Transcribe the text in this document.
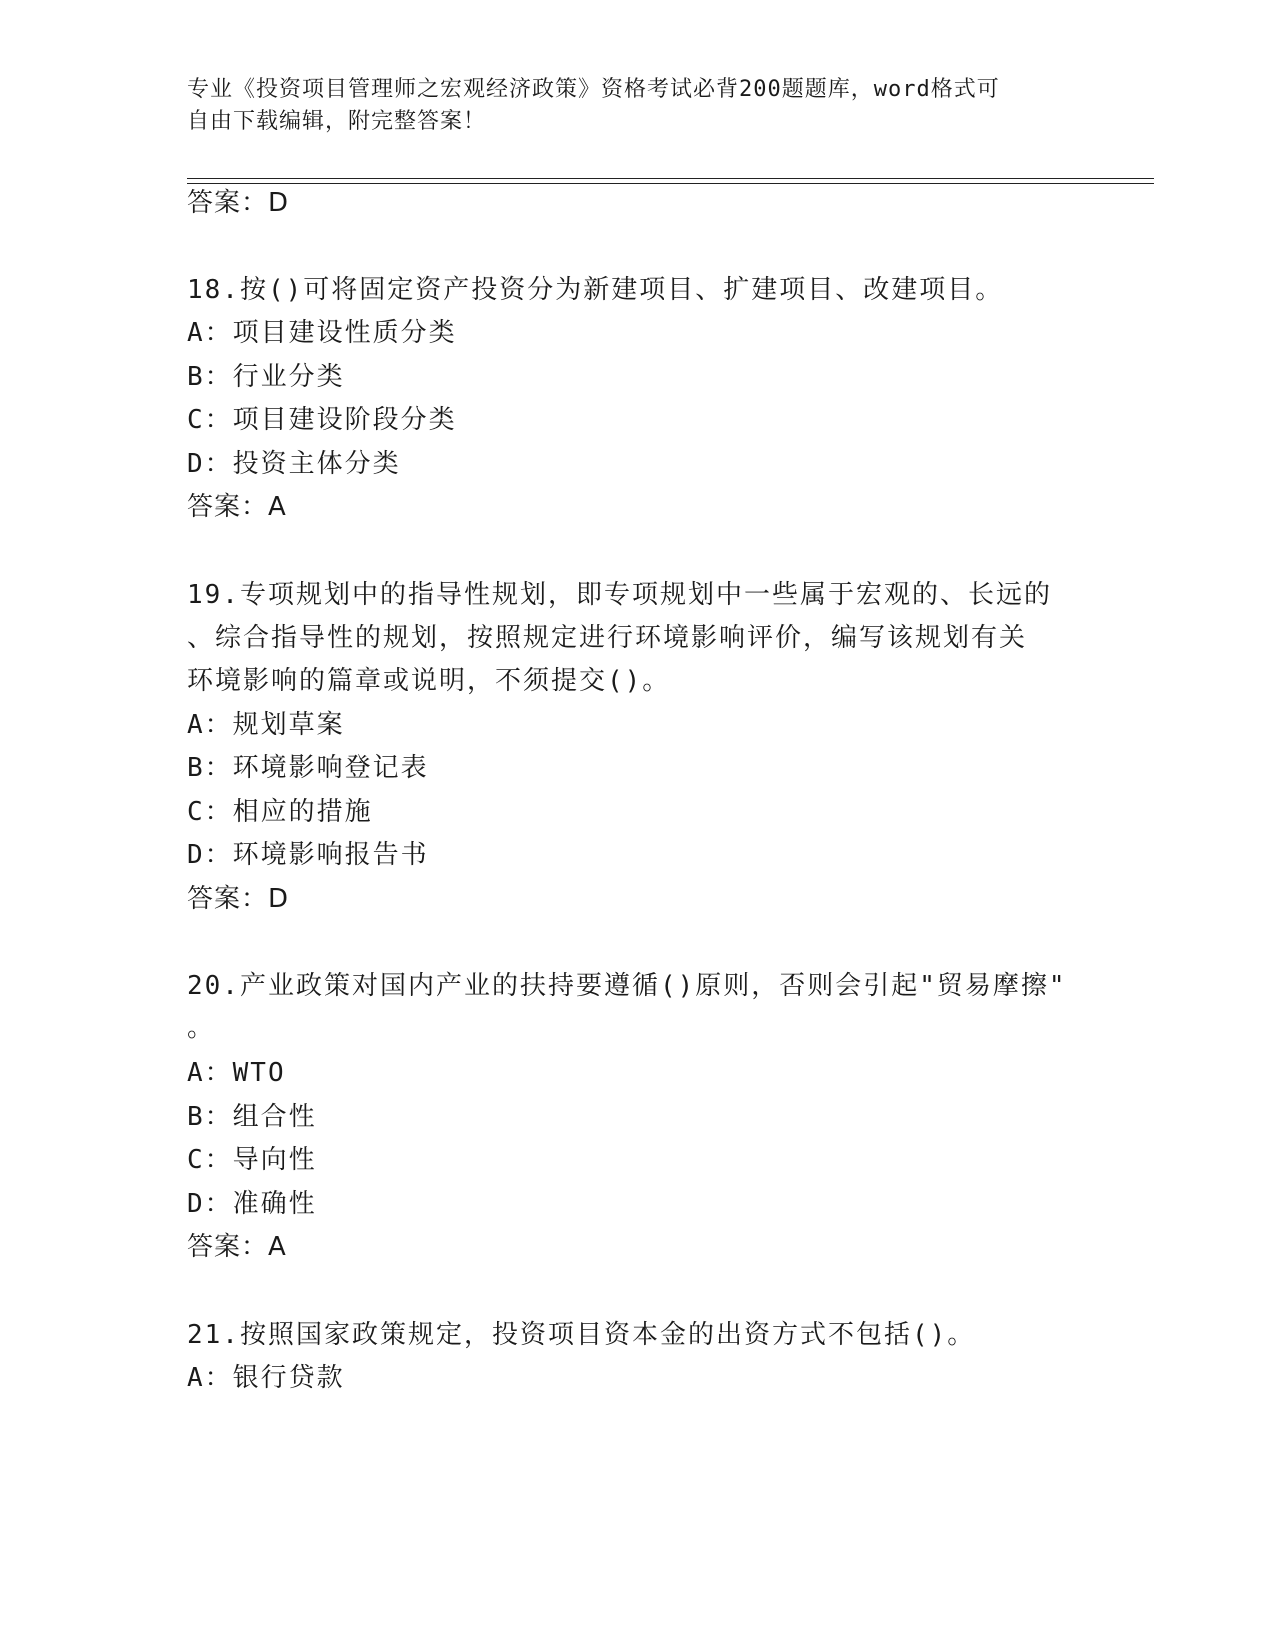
专业《投资项目管理师之宏观经济政策》资格考试必背200题题库，word格式可
自由下载编辑，附完整答案！
答案：D
18.按()可将固定资产投资分为新建项目、扩建项目、改建项目。
A：项目建设性质分类
B：行业分类
C：项目建设阶段分类
D：投资主体分类
答案：A
19.专项规划中的指导性规划，即专项规划中一些属于宏观的、长远的
、综合指导性的规划，按照规定进行环境影响评价，编写该规划有关
环境影响的篇章或说明，不须提交()。
A：规划草案
B：环境影响登记表
C：相应的措施
D：环境影响报告书
答案：D
20.产业政策对国内产业的扶持要遵循()原则，否则会引起"贸易摩擦"
。
A：WTO
B：组合性
C：导向性
D：准确性
答案：A
21.按照国家政策规定，投资项目资本金的出资方式不包括()。
A：银行贷款
